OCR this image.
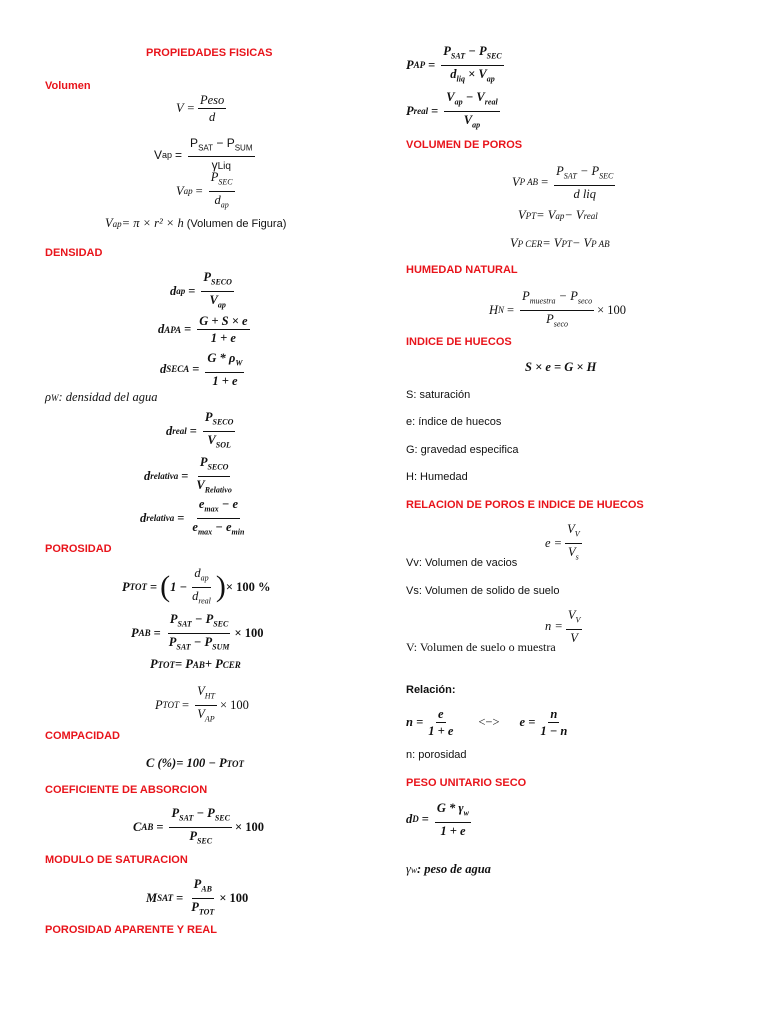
PROPIEDADES FISICAS
Volumen
$V = \frac{\text{Peso}}{d}$
V ap = $\frac{P_{SAT} - P_{SUM}}{\text{γLiq}}$
V ap = $\frac{P_{SEC}}{d_{ap}}$
V ap = π × r² × h (Volumen de Figura)
DENSIDAD
d ap = $\frac{P_{SECO}}{V_{ap}}$
d APA = $\frac{G + S \times e}{1 + e}$
d SECA = $\frac{G * \rho_W}{1 + e}$
ρ W : densidad del agua
d real = $\frac{P_{SECO}}{V_{SOL}}$
d relativa = $\frac{P_{SECO}}{V_{Relativo}}$
d relativa = $\frac{e_{max} - e}{e_{max} - e_{min}}$
POROSIDAD
P TOT = ( $1 - \frac{d_{ap}}{d_{real}}$ ) × 100 %
P AB = $\frac{P_{SAT} - P_{SEC}}{P_{SAT} - P_{SUM}} \times 100$
P TOT = P AB + P CER
P TOT = $\frac{V_{HT}}{V_{AP}} \times 100$
COMPACIDAD
C (%) = 100 − P TOT
COEFICIENTE DE ABSORCION
C AB = $\frac{P_{SAT} - P_{SEC}}{P_{SEC}} \times 100$
MODULO DE SATURACION
M SAT = $\frac{P_{AB}}{P_{TOT}} \times 100$
POROSIDAD APARENTE Y REAL
P AP = $\frac{P_{SAT} - P_{SEC}}{d_{liq} \times V_{ap}}$
P real = $\frac{V_{ap} - V_{real}}{V_{ap}}$
VOLUMEN DE POROS
V P AB = $\frac{P_{SAT} - P_{SEC}}{\text{d liq}}$
V PT = V ap − V real
V P CER = V PT − V P AB
HUMEDAD NATURAL
H $N = \frac{P_{muestra} - P_{seco}}{P_{seco}} \times 100$
INDICE DE HUECOS
S × e = G × H
S: saturación
e: índice de huecos
G: gravedad especifica
H: Humedad
RELACION DE POROS E INDICE DE HUECOS
$e = \frac{V_V}{V_s}$
Vv: Volumen de vacios
Vs: Volumen de solido de suelo
$n = \frac{V_V}{V}$
V: Volumen de suelo o muestra
Relación:
$n = \frac{e}{1 + e}$ <−> $e = \frac{n}{1 - n}$
n: porosidad
PESO UNITARIO SECO
d $D = \frac{G * \gamma_w}{1 + e}$
γ w : peso de agua
